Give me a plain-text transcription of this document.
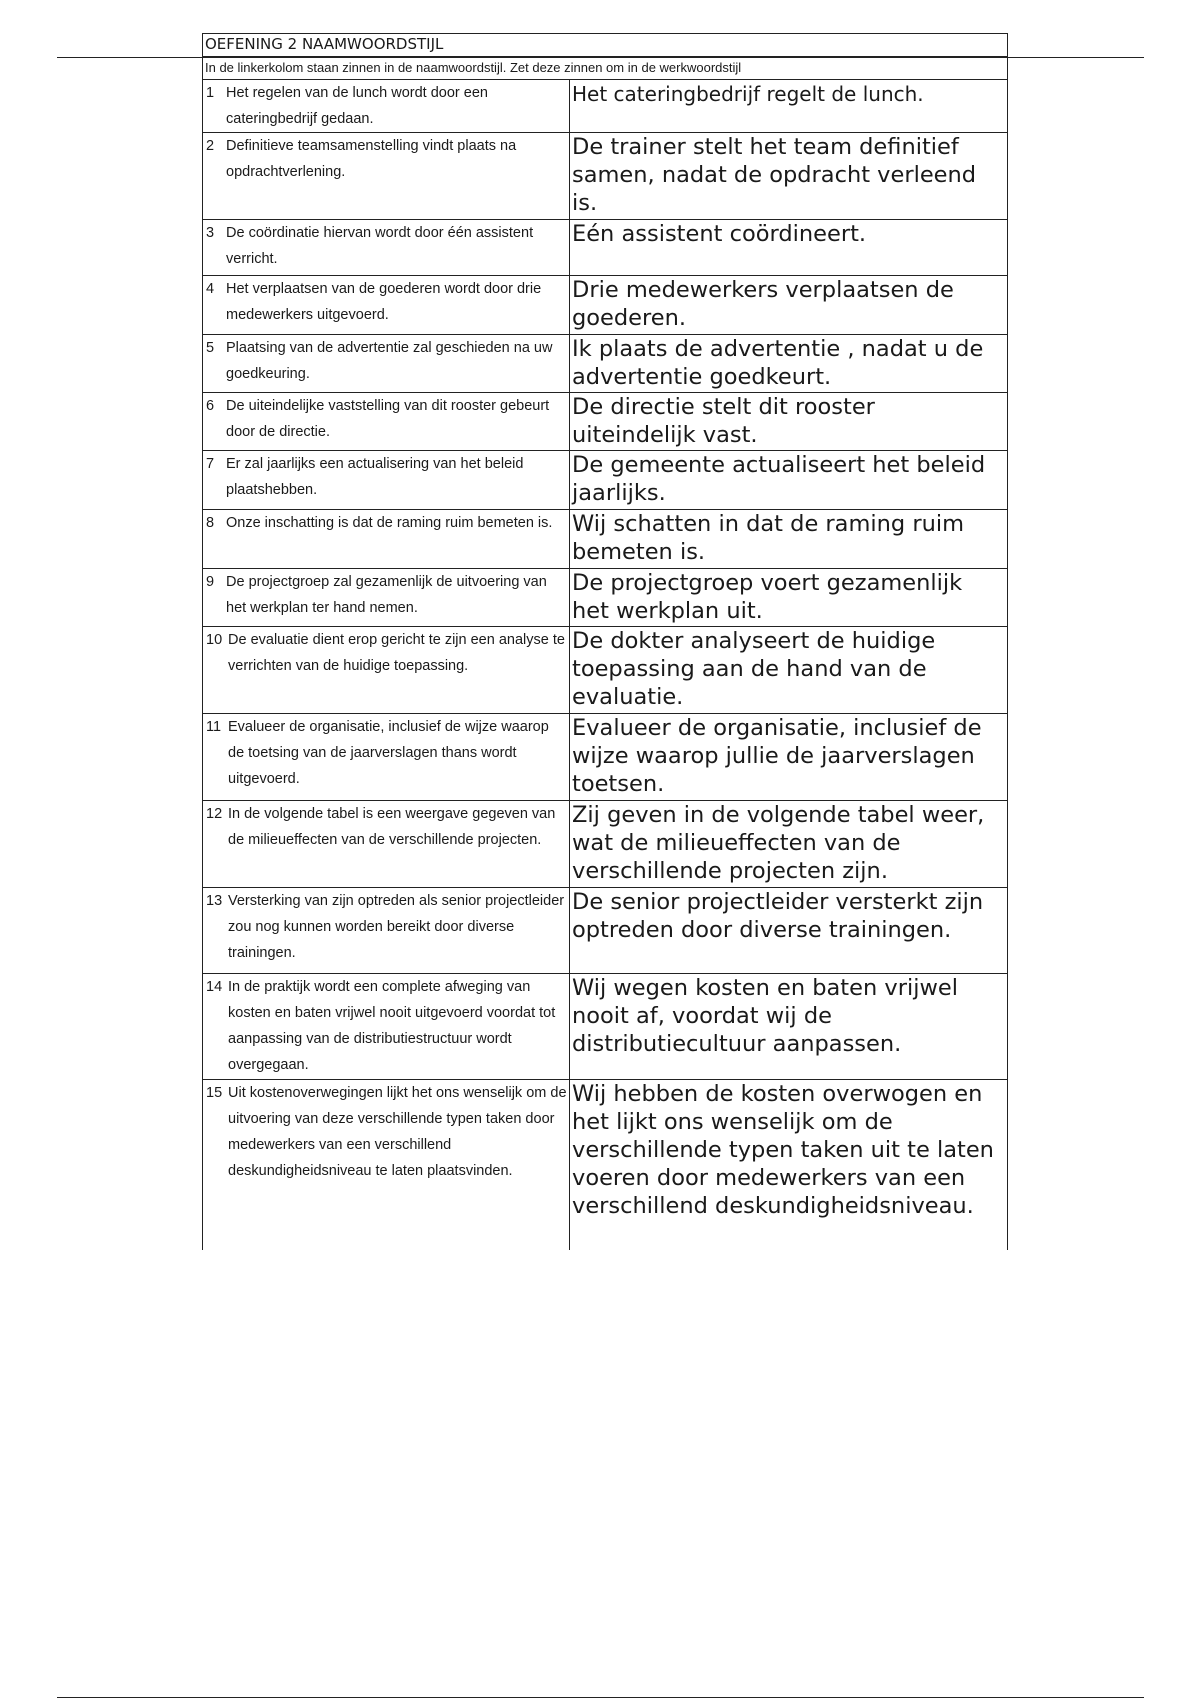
OEFENING 2 NAAMWOORDSTIJL
In de linkerkolom staan zinnen in de naamwoordstijl. Zet deze zinnen om in de werkwoordstijl
1 Het regelen van de lunch wordt door een cateringbedrijf gedaan.
Het cateringbedrijf regelt de lunch.
2 Definitieve teamsamenstelling vindt plaats na opdrachtverlening.
De trainer stelt het team definitief samen, nadat de opdracht verleend is.
3 De coördinatie hiervan wordt door één assistent verricht.
Eén assistent coördineert.
4 Het verplaatsen van de goederen wordt door drie medewerkers uitgevoerd.
Drie medewerkers verplaatsen de goederen.
5 Plaatsing van de advertentie zal geschieden na uw goedkeuring.
Ik plaats de advertentie , nadat u de advertentie goedkeurt.
6 De uiteindelijke vaststelling van dit rooster gebeurt door de directie.
De directie stelt dit rooster uiteindelijk vast.
7 Er zal jaarlijks een actualisering van het beleid plaatshebben.
De gemeente actualiseert het beleid jaarlijks.
8 Onze inschatting is dat de raming ruim bemeten is. Wij schatten in dat de raming ruim bemeten is.
9 De projectgroep zal gezamenlijk de uitvoering van het werkplan ter hand nemen.
De projectgroep voert gezamenlijk het werkplan uit.
10 De evaluatie dient erop gericht te zijn een analyse te verrichten van de huidige toepassing.
De dokter analyseert de huidige toepassing aan de hand van de evaluatie.
11 Evalueer de organisatie, inclusief de wijze waarop de toetsing van de jaarverslagen thans wordt uitgevoerd.
Evalueer de organisatie, inclusief de wijze waarop jullie de jaarverslagen toetsen.
12 In de volgende tabel is een weergave gegeven van de milieueffecten van de verschillende projecten.
Zij geven in de volgende tabel weer, wat de milieueffecten van de verschillende projecten zijn.
13 Versterking van zijn optreden als senior projectleider zou nog kunnen worden bereikt door diverse trainingen.
De senior projectleider versterkt zijn optreden door diverse trainingen.
14 In de praktijk wordt een complete afweging van kosten en baten vrijwel nooit uitgevoerd voordat tot aanpassing van de distributiestructuur wordt overgegaan.
Wij wegen kosten en baten vrijwel nooit af, voordat wij de distributiecultuur aanpassen.
15 Uit kostenoverwegingen lijkt het ons wenselijk om de uitvoering van deze verschillende typen taken door medewerkers van een verschillend deskundigheidsniveau te laten plaatsvinden.
Wij hebben de kosten overwogen en het lijkt ons wenselijk om de verschillende typen taken uit te laten voeren door medewerkers van een verschillend deskundigheidsniveau.
